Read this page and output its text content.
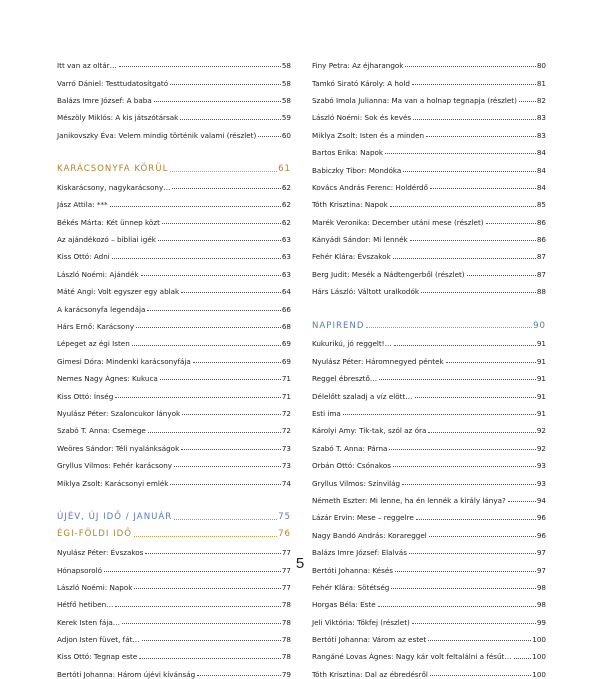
Itt van az oltár…	58
Varró Dániel: Testtudatosítgató	58
Balázs Imre József: A baba	58
Mészöly Miklós: A kis játszótársak	59
Janikovszky Éva: Velem mindig történik valami (részlet)	60
KARÁCSONYFA KÖRÜL	61
Kiskarácsony, nagykarácsony…	62
Jász Attila: ***	62
Békés Márta: Két ünnep közt	62
Az ajándékozó – bibliai igék	63
Kiss Ottó: Adni	63
László Noémi: Ajándék	63
Máté Angi: Volt egyszer egy ablak	64
A karácsonyfa legendája	66
Hárs Ernő: Karácsony	68
Lépeget az égi Isten	69
Gimesi Dóra: Mindenki karácsonyfája	69
Nemes Nagy Ágnes: Kukuca	71
Kiss Ottó: Ínség	71
Nyulász Péter: Szaloncukor lányok	72
Szabó T. Anna: Csemege	72
Weöres Sándor: Téli nyalánkságok	73
Gryllus Vilmos: Fehér karácsony	73
Miklya Zsolt: Karácsonyi emlék	74
ÚJÉV, ÚJ IDŐ / JANUÁR	75
ÉGI-FÖLDI IDŐ	76
Nyulász Péter: Évszakos	77
Hónapsoroló	77
László Noémi: Napok	77
Hétfő hetiben…	78
Kerek Isten fája…	78
Adjon Isten füvet, fát…	78
Kiss Ottó: Tegnap este	78
Bertóti Johanna: Három újévi kívánság	79
Finy Petra: Az éjharangok	80
Tamkó Sirató Károly: A hold	81
Szabó Imola Julianna: Ma van a holnap tegnapja (részlet)	82
László Noémi: Sok és kevés	83
Miklya Zsolt: Isten és a minden	83
Bartos Erika: Napok	84
Babiczky Tibor: Mondóka	84
Kovács András Ferenc: Holdérdő	84
Tóth Krisztina: Napok	85
Marék Veronika: December utáni mese (részlet)	86
Kányádi Sándor: Mi lennék	86
Fehér Klára: Évszakok	87
Berg Judit: Mesék a Nádtengerből (részlet)	87
Hárs László: Váltott uralkodók	88
NAPIREND	90
Kukurikú, jó reggelt!…	91
Nyulász Péter: Háromnegyed péntek	91
Reggel ébresztő…	91
Délelőtt szaladj a víz elött…	91
Esti ima	91
Károlyi Amy: Tik-tak, szól az óra	92
Szabó T. Anna: Párna	92
Orbán Ottó: Csónakos	93
Gryllus Vilmos: Színvilág	93
Németh Eszter: Mi lenne, ha én lennék a király lánya?	94
Lázár Ervin: Mese – reggelre	96
Nagy Bandó András: Korareggel	96
Balázs Imre József: Elalvás	97
Bertóti Johanna: Késés	97
Fehér Klára: Sötétség	98
Horgas Béla: Este	98
Jeli Viktória: Tökfej (részlet)	99
Bertóti Johanna: Várom az estet	100
Rangáné Lovas Ágnes: Nagy kár volt feltalálni a fésűt…	100
Tóth Krisztina: Dal az ébredésről	100
5
